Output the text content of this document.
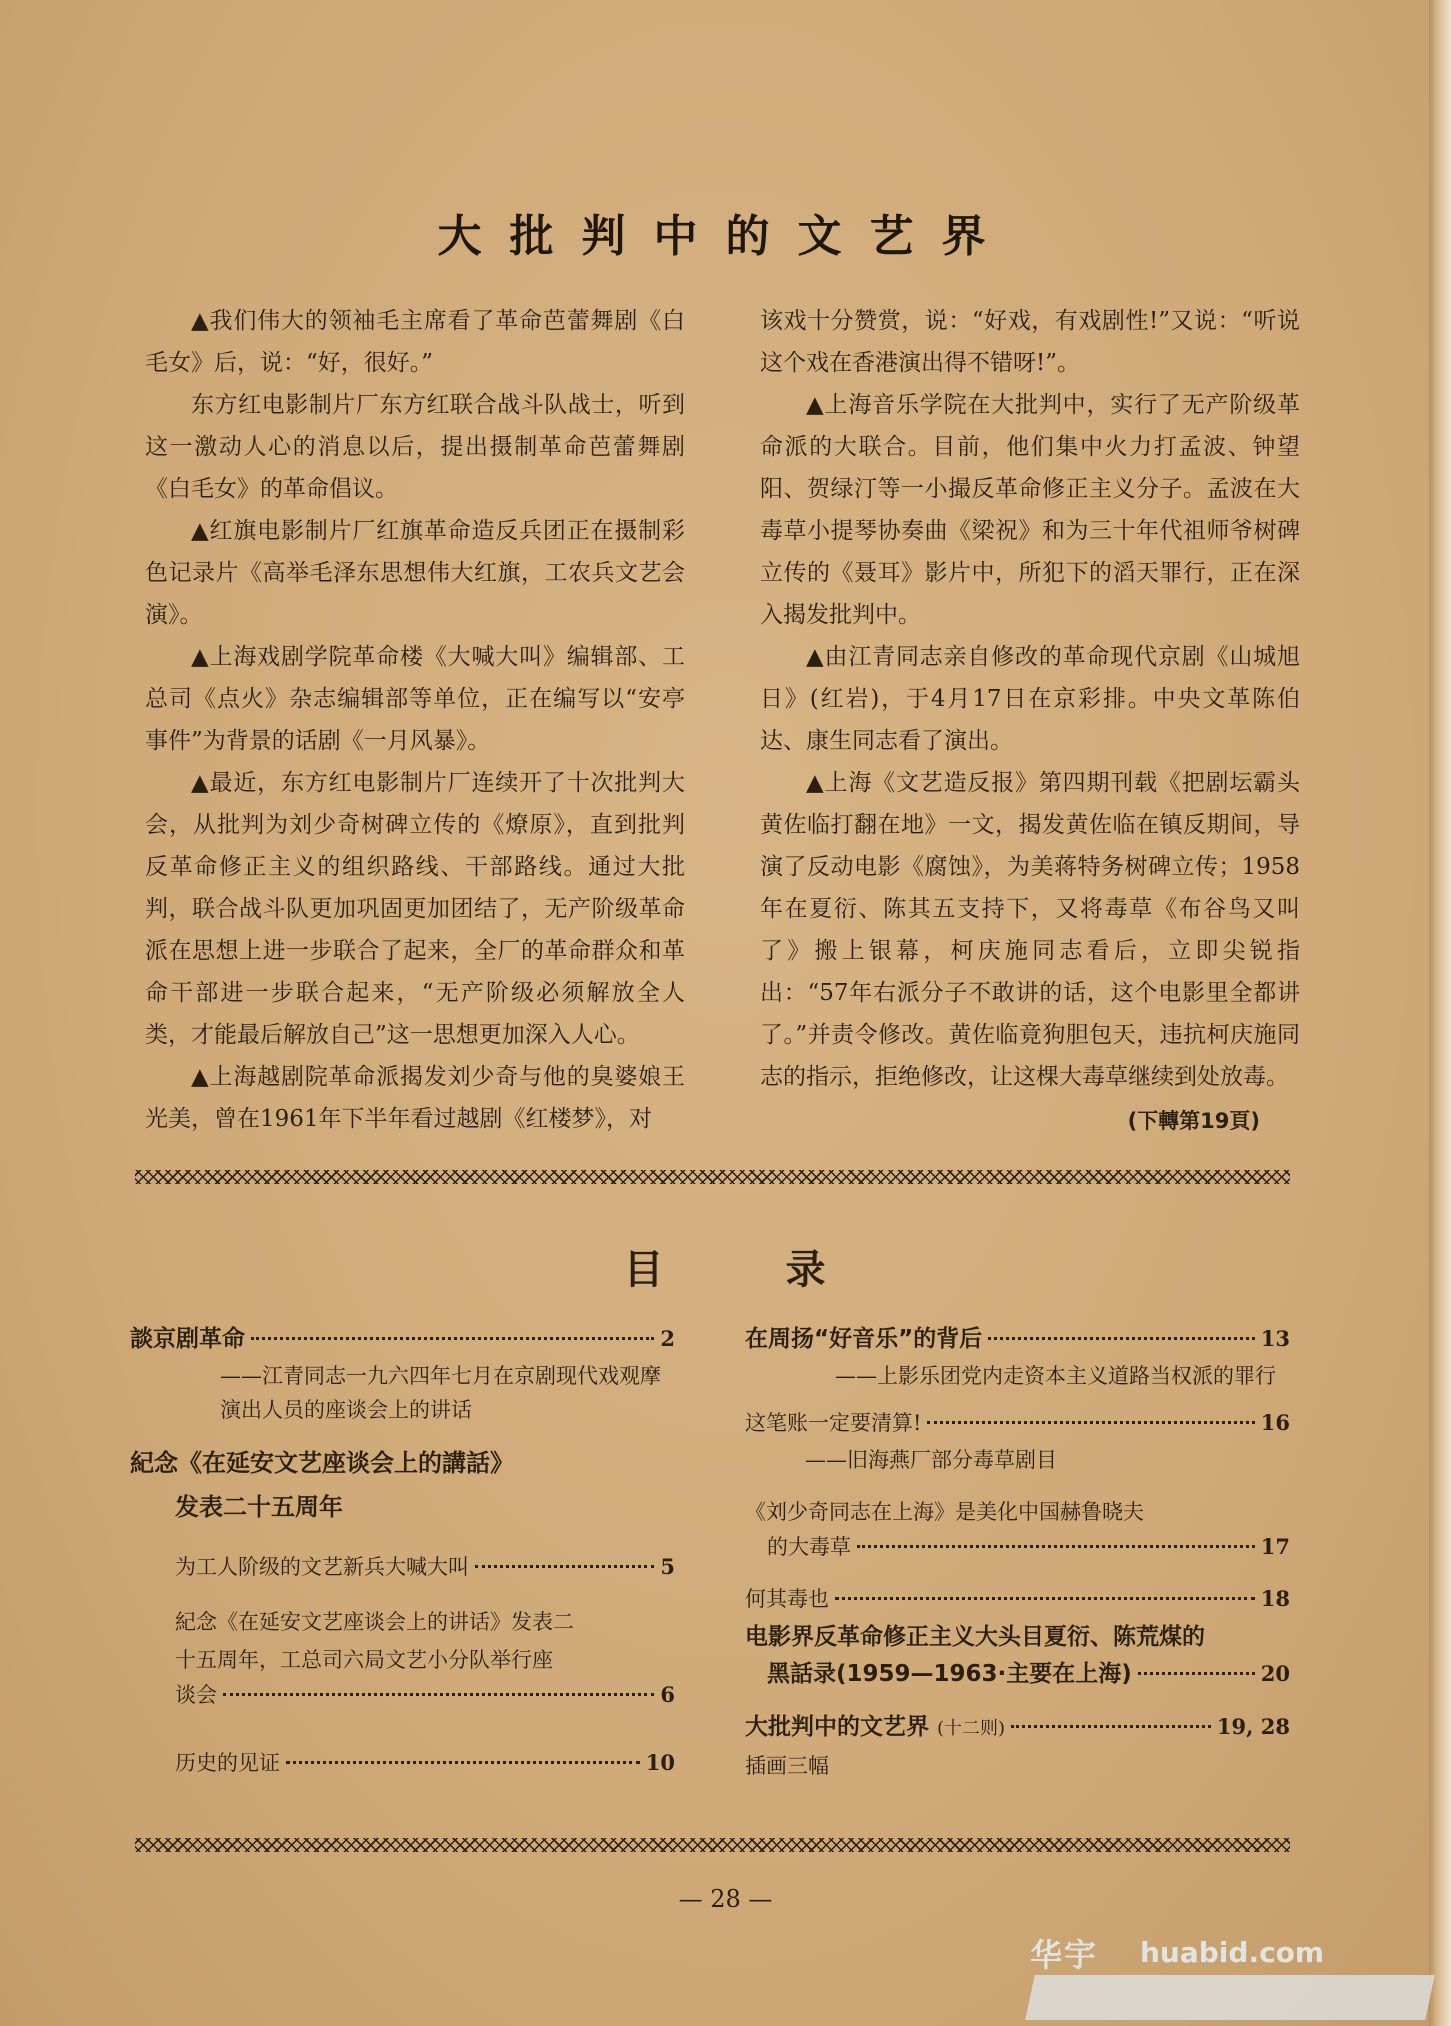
大批判中的文艺界

▲我们伟大的领袖毛主席看了革命芭蕾舞剧《白毛女》后，说：“好，很好。”

东方红电影制片厂东方红联合战斗队战士，听到这一激动人心的消息以后，提出摄制革命芭蕾舞剧《白毛女》的革命倡议。

▲红旗电影制片厂红旗革命造反兵团正在摄制彩色记录片《高举毛泽东思想伟大红旗，工农兵文艺会演》。

▲上海戏剧学院革命楼《大喊大叫》编辑部、工总司《点火》杂志编辑部等单位，正在编写以“安亭事件”为背景的话剧《一月风暴》。

▲最近，东方红电影制片厂连续开了十次批判大会，从批判为刘少奇树碑立传的《燎原》，直到批判反革命修正主义的组织路线、干部路线。通过大批判，联合战斗队更加巩固更加团结了，无产阶级革命派在思想上进一步联合了起来，全厂的革命群众和革命干部进一步联合起来，“无产阶级必须解放全人类，才能最后解放自己”这一思想更加深入人心。

▲上海越剧院革命派揭发刘少奇与他的臭婆娘王光美，曾在1961年下半年看过越剧《红楼梦》，对

该戏十分赞赏，说：“好戏，有戏剧性!”又说：“听说这个戏在香港演出得不错呀!”。

▲上海音乐学院在大批判中，实行了无产阶级革命派的大联合。目前，他们集中火力打孟波、钟望阳、贺绿汀等一小撮反革命修正主义分子。孟波在大毒草小提琴协奏曲《梁祝》和为三十年代祖师爷树碑立传的《聂耳》影片中，所犯下的滔天罪行，正在深入揭发批判中。

▲由江青同志亲自修改的革命现代京剧《山城旭日》(红岩)，于4月17日在京彩排。中央文革陈伯达、康生同志看了演出。

▲上海《文艺造反报》第四期刊载《把剧坛霸头黄佐临打翻在地》一文，揭发黄佐临在镇反期间，导演了反动电影《腐蚀》，为美蒋特务树碑立传；1958年在夏衍、陈其五支持下，又将毒草《布谷鸟又叫了》搬上银幕，柯庆施同志看后，立即尖锐指出：“57年右派分子不敢讲的话，这个电影里全都讲了。”并责令修改。黄佐临竟狗胆包天，违抗柯庆施同志的指示，拒绝修改，让这棵大毒草继续到处放毒。

(下轉第19頁)

目	录
談京剧革命	2
——江青同志一九六四年七月在京剧现代戏观摩演出人员的座谈会上的讲话
紀念《在延安文艺座谈会上的講話》
发表二十五周年
为工人阶级的文艺新兵大喊大叫	5
紀念《在延安文艺座谈会上的讲话》发表二
十五周年，工总司六局文艺小分队举行座
谈会	6
历史的见证	10
在周扬“好音乐”的背后	13
——上影乐团党内走资本主义道路当权派的罪行
这笔账一定要清算!	16
——旧海燕厂部分毒草剧目
《刘少奇同志在上海》是美化中国赫鲁晓夫
的大毒草	17
何其毒也	18
电影界反革命修正主义大头目夏衍、陈荒煤的
黑話录(1959—1963·主要在上海)	20
大批判中的文艺界 (十二则)	19, 28
插画三幅
— 28 —
华宇 huabid.com
